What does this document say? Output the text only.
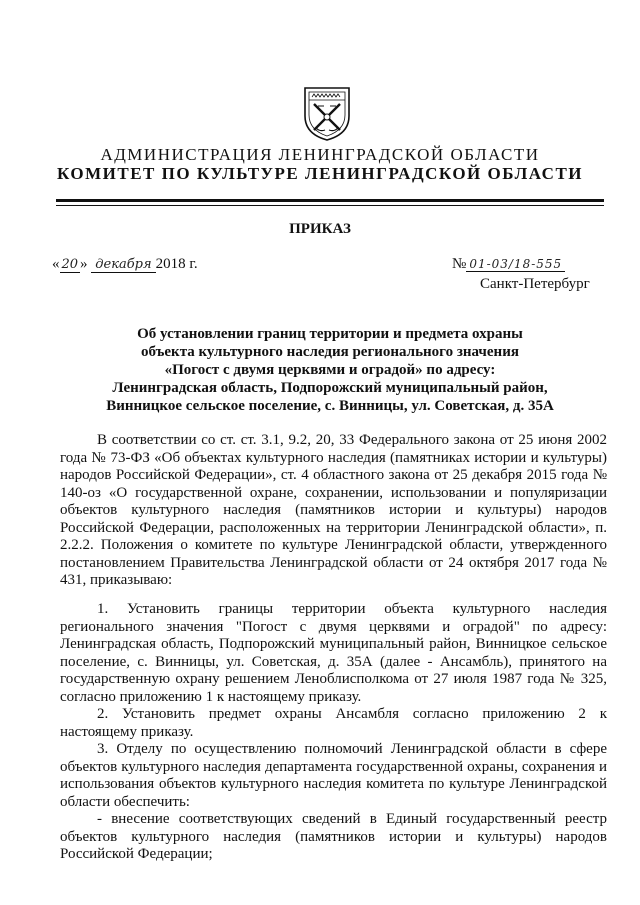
АДМИНИСТРАЦИЯ ЛЕНИНГРАДСКОЙ ОБЛАСТИ
КОМИТЕТ ПО КУЛЬТУРЕ ЛЕНИНГРАДСКОЙ ОБЛАСТИ
ПРИКАЗ
« 20 » декабря 2018 г.	№ 01-03/18-555
Санкт-Петербург
Об установлении границ территории и предмета охраны
объекта культурного наследия регионального значения
«Погост с двумя церквями и оградой» по адресу:
Ленинградская область, Подпорожский муниципальный район,
Винницкое сельское поселение, с. Винницы, ул. Советская, д. 35А

В соответствии со ст. ст. 3.1, 9.2, 20, 33 Федерального закона от 25 июня 2002 года № 73-ФЗ «Об объектах культурного наследия (памятниках истории и культуры) народов Российской Федерации», ст. 4 областного закона от 25 декабря 2015 года № 140-оз «О государственной охране, сохранении, использовании и популяризации объектов культурного наследия (памятников истории и культуры) народов Российской Федерации, расположенных на территории Ленинградской области», п. 2.2.2. Положения о комитете по культуре Ленинградской области, утвержденного постановлением Правительства Ленинградской области от 24 октября 2017 года № 431, приказываю:

1. Установить границы территории объекта культурного наследия регионального значения "Погост с двумя церквями и оградой" по адресу: Ленинградская область, Подпорожский муниципальный район, Винницкое сельское поселение, с. Винницы, ул. Советская, д. 35А (далее - Ансамбль), принятого на государственную охрану решением Леноблисполкома от 27 июля 1987 года № 325, согласно приложению 1 к настоящему приказу.

2. Установить предмет охраны Ансамбля согласно приложению 2 к настоящему приказу.

3. Отделу по осуществлению полномочий Ленинградской области в сфере объектов культурного наследия департамента государственной охраны, сохранения и использования объектов культурного наследия комитета по культуре Ленинградской области обеспечить:

- внесение соответствующих сведений в Единый государственный реестр объектов культурного наследия (памятников истории и культуры) народов Российской Федерации;
